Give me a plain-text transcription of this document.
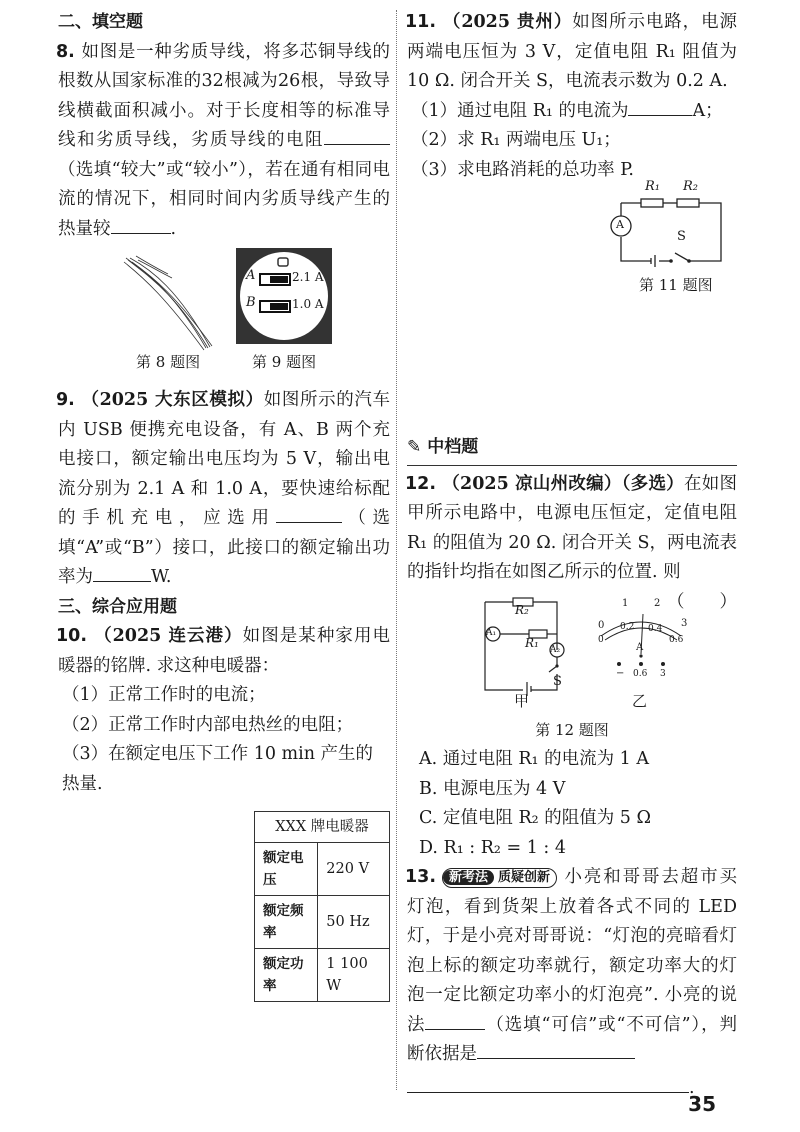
二、填空题

8. 如图是一种劣质导线，将多芯铜导线的根数从国家标准的32根减为26根，导致导线横截面积减小。对于长度相等的标准导线和劣质导线，劣质导线的电阻（选填“较大”或“较小”），若在通有相同电流的情况下，相同时间内劣质导线产生的热量较	.

A	2.1 A
B	1.0 A
第 8 题图	第 9 题图

9. （2025 大东区模拟）如图所示的汽车内 USB 便携充电设备，有 A、B 两个充电接口，额定输出电压均为 5 V，输出电流分别为 2.1 A 和 1.0 A，要快速给标配的手机充电，应选用	（选填“A”或“B”）接口，此接口的额定输出功率为	W.

三、综合应用题

10. （2025 连云港）如图是某种家用电暖器的铭牌. 求这种电暖器：

（1）正常工作时的电流；

（2）正常工作时内部电热丝的电阻；

（3）在额定电压下工作 10 min 产生的热量.

XXX 牌电暖器	
额定电压	220 V
额定频率	50 Hz
额定功率	1 100 W

11. （2025 贵州）如图所示电路，电源两端电压恒为 3 V，定值电阻 R₁ 阻值为 10 Ω. 闭合开关 S，电流表示数为 0.2 A.

（1）通过电阻 R₁ 的电流为	A；

（2）求 R₁ 两端电压 U₁；

（3）求电路消耗的总功率 P.

A
R₁ R₂
S
第 11 题图

✎ 中档题

12. （2025 凉山州改编）（多选）在如图甲所示电路中，电源电压恒定，定值电阻 R₁ 的阻值为 20 Ω. 闭合开关 S，两电流表的指针均指在如图乙所示的位置. 则
（　　）

R₂
A₁
R₁ A₂
S
甲
0
1	2
3
0
0.2 0.4
0.6
A
− 0.6 3
乙

第 12 题图

A. 通过电阻 R₁ 的电流为 1 A

B. 电源电压为 4 V

C. 定值电阻 R₂ 的阻值为 5 Ω

D. R₁ : R₂ = 1 : 4

13. 新考法 质疑创新 小亮和哥哥去超市买灯泡，看到货架上放着各式不同的 LED 灯，于是小亮对哥哥说：“灯泡的亮暗看灯泡上标的额定功率就行，额定功率大的灯泡一定比额定功率小的灯泡亮”. 小亮的说法	（选填“可信”或“不可信”），判断依据是

.

35
